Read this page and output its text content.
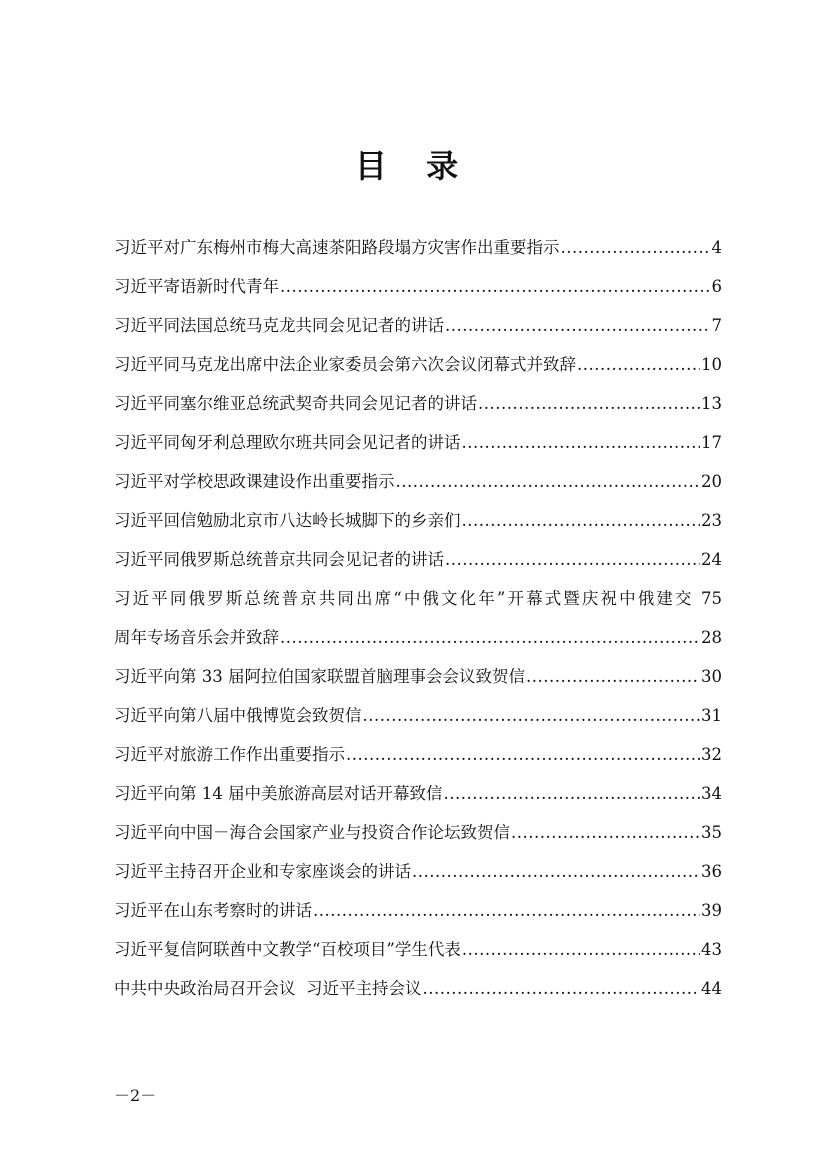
目 录
习近平对广东梅州市梅大高速茶阳路段塌方灾害作出重要指示 .....	4
习近平寄语新时代青年 .....	6
习近平同法国总统马克龙共同会见记者的讲话 .....	7
习近平同马克龙出席中法企业家委员会第六次会议闭幕式并致辞 .....	10
习近平同塞尔维亚总统武契奇共同会见记者的讲话 .....	13
习近平同匈牙利总理欧尔班共同会见记者的讲话 .....	17
习近平对学校思政课建设作出重要指示 .....	20
习近平回信勉励北京市八达岭长城脚下的乡亲们 .....	23
习近平同俄罗斯总统普京共同会见记者的讲话 .....	24
习近平同俄罗斯总统普京共同出席“中俄文化年”开幕式暨庆祝中俄建交 75
周年专场音乐会并致辞 .....	28
习近平向第 33 届阿拉伯国家联盟首脑理事会会议致贺信 .....	30
习近平向第八届中俄博览会致贺信 .....	31
习近平对旅游工作作出重要指示 .....	32
习近平向第 14 届中美旅游高层对话开幕致信 .....	34
习近平向中国－海合会国家产业与投资合作论坛致贺信 .....	35
习近平主持召开企业和专家座谈会的讲话 .....	36
习近平在山东考察时的讲话 .....	39
习近平复信阿联酋中文教学“百校项目”学生代表 .....	43
中共中央政治局召开会议  习近平主持会议 .....	44
－2－
